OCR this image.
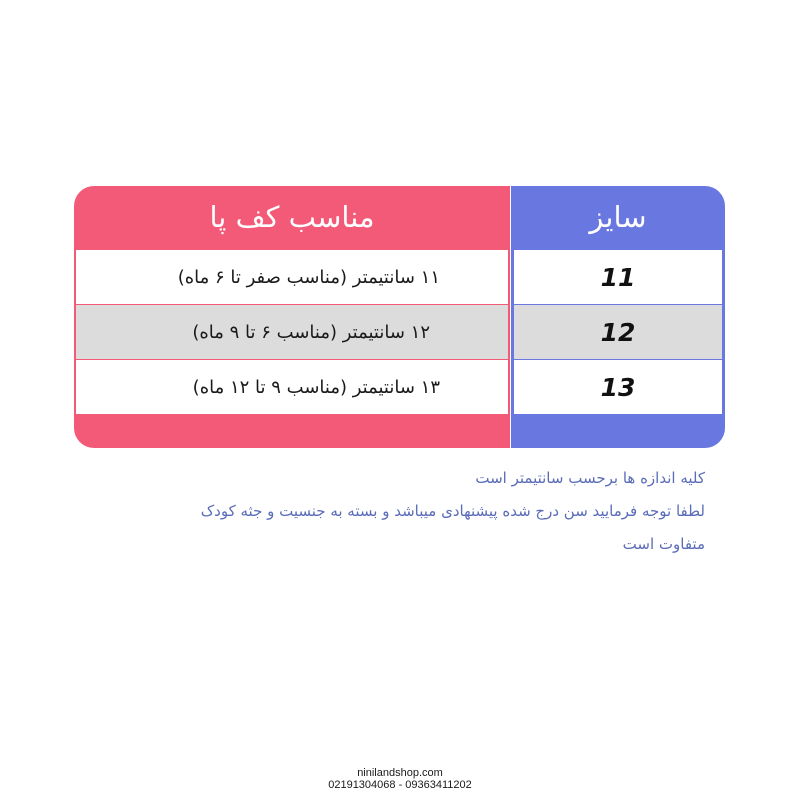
مناسب کف پا	سایز
۱۱ سانتیمتر (مناسب صفر تا ۶ ماه)	11
۱۲ سانتیمتر (مناسب ۶ تا ۹ ماه)	12
۱۳ سانتیمتر (مناسب ۹ تا ۱۲ ماه)	13
کلیه اندازه ها برحسب سانتیمتر است
لطفا توجه فرمایید سن درج شده پیشنهادی میباشد و بسته به جنسیت و جثه کودک
متفاوت است
ninilandshop.com
02191304068 - 09363411202
